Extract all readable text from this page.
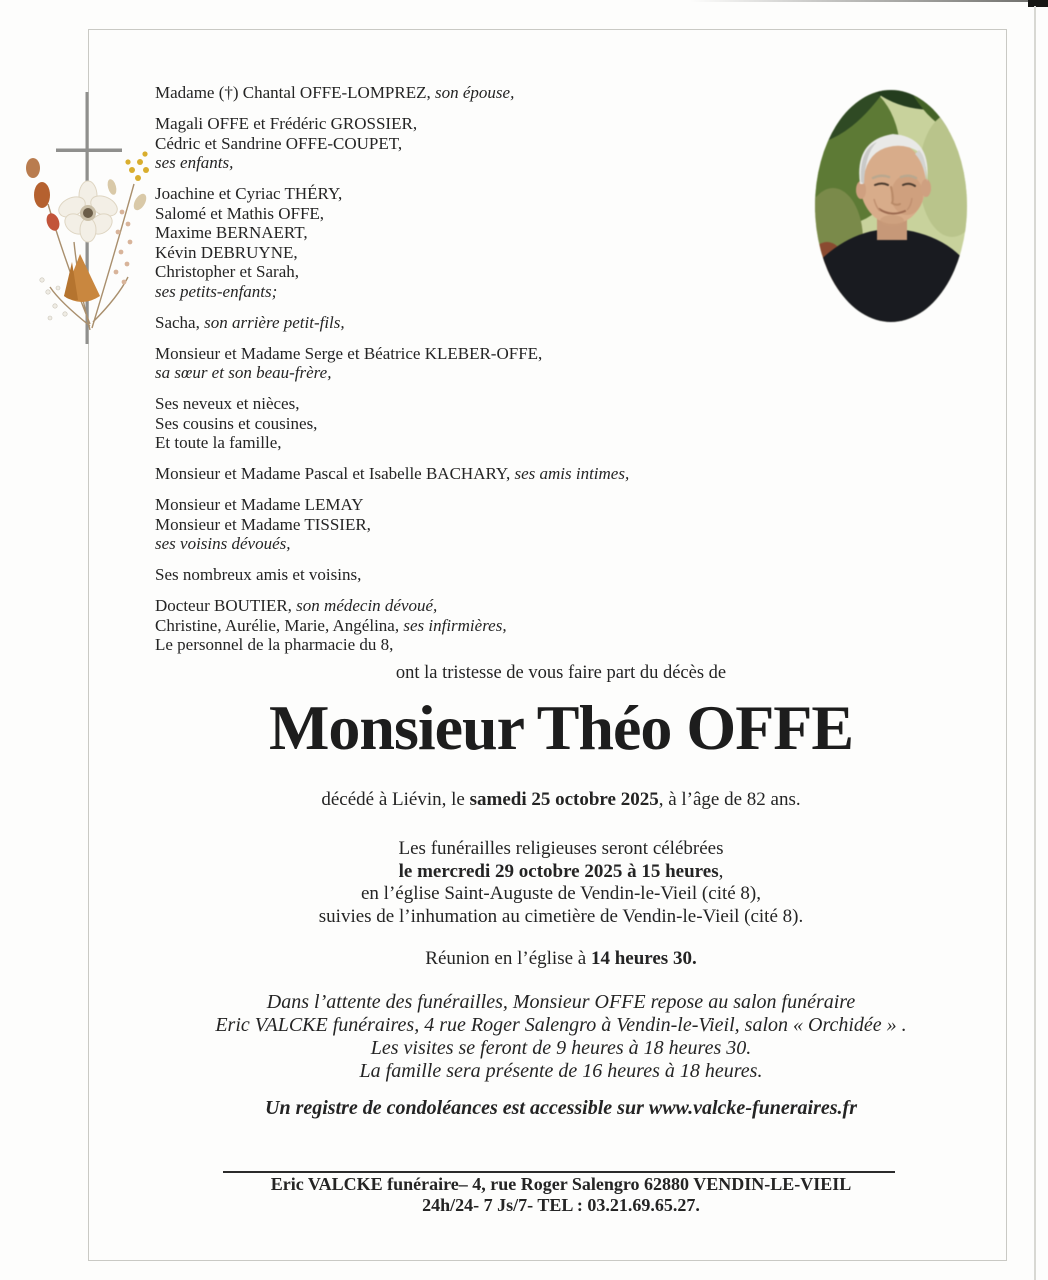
Madame (†) Chantal OFFE-LOMPREZ, son épouse,
Magali OFFE et Frédéric GROSSIER,
Cédric et Sandrine OFFE-COUPET,
ses enfants,
Joachine et Cyriac THÉRY,
Salomé et Mathis OFFE,
Maxime BERNAERT,
Kévin DEBRUYNE,
Christopher et Sarah,
ses petits-enfants;
Sacha, son arrière petit-fils,
Monsieur et Madame Serge et Béatrice KLEBER-OFFE,
sa sœur et son beau-frère,
Ses neveux et nièces,
Ses cousins et cousines,
Et toute la famille,
Monsieur et Madame Pascal et Isabelle BACHARY, ses amis intimes,
Monsieur et Madame LEMAY
Monsieur et Madame TISSIER,
ses voisins dévoués,
Ses nombreux amis et voisins,
Docteur BOUTIER, son médecin dévoué,
Christine, Aurélie, Marie, Angélina, ses infirmières,
Le personnel de la pharmacie du 8,
ont la tristesse de vous faire part du décès de
Monsieur Théo OFFE
décédé à Liévin, le samedi 25 octobre 2025, à l’âge de 82 ans.
Les funérailles religieuses seront célébrées
le mercredi 29 octobre 2025 à 15 heures,
en l’église Saint-Auguste de Vendin-le-Vieil (cité 8),
suivies de l’inhumation au cimetière de Vendin-le-Vieil (cité 8).
Réunion en l’église à 14 heures 30.
Dans l’attente des funérailles, Monsieur OFFE repose au salon funéraire
Eric VALCKE funéraires, 4 rue Roger Salengro à Vendin-le-Vieil, salon « Orchidée » .
Les visites se feront de 9 heures à 18 heures 30.
La famille sera présente de 16 heures à 18 heures.
Un registre de condoléances est accessible sur www.valcke-funeraires.fr
Eric VALCKE funéraire– 4, rue Roger Salengro 62880 VENDIN-LE-VIEIL
24h/24- 7 Js/7- TEL : 03.21.69.65.27.
